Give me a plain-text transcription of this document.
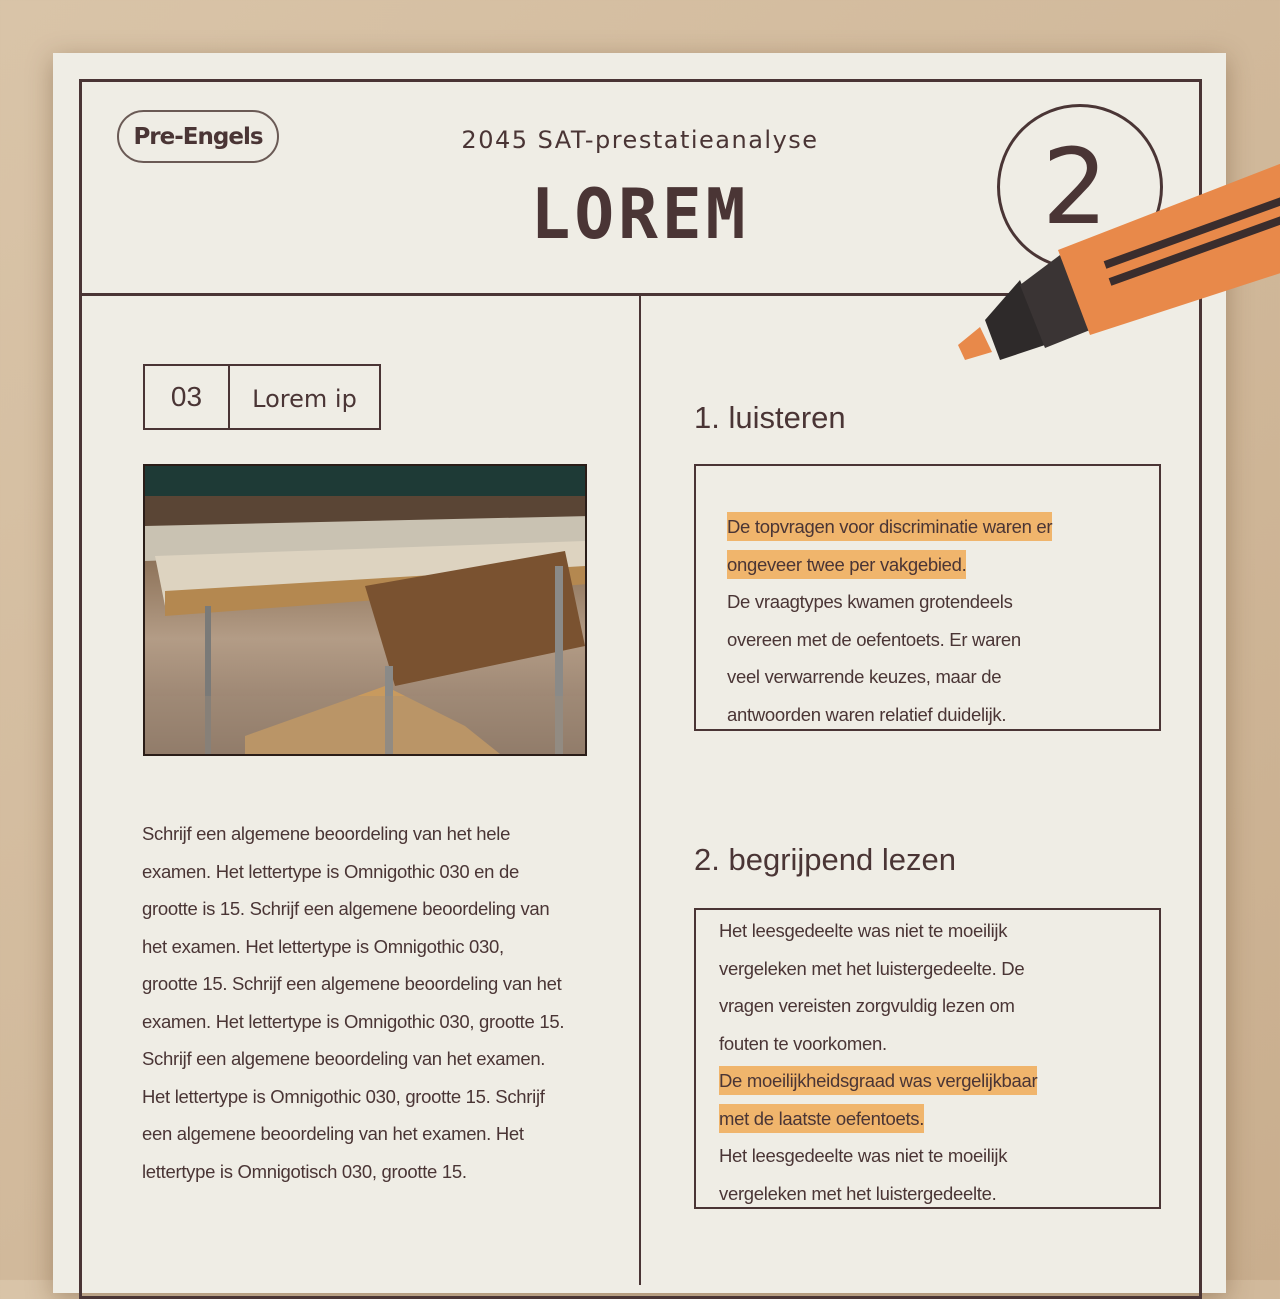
Pre-Engels	2045 SAT-prestatieanalyse
LOREM	2
03	Lorem ip
Schrijf een algemene beoordeling van het hele
examen. Het lettertype is Omnigothic 030 en de
grootte is 15. Schrijf een algemene beoordeling van
het examen. Het lettertype is Omnigothic 030,
grootte 15. Schrijf een algemene beoordeling van het
examen. Het lettertype is Omnigothic 030, grootte 15.
Schrijf een algemene beoordeling van het examen.
Het lettertype is Omnigothic 030, grootte 15. Schrijf
een algemene beoordeling van het examen. Het
lettertype is Omnigotisch 030, grootte 15.
1. luisteren
De topvragen voor discriminatie waren er
ongeveer twee per vakgebied.
De vraagtypes kwamen grotendeels
overeen met de oefentoets. Er waren
veel verwarrende keuzes, maar de
antwoorden waren relatief duidelijk.
2. begrijpend lezen
Het leesgedeelte was niet te moeilijk
vergeleken met het luistergedeelte. De
vragen vereisten zorgvuldig lezen om
fouten te voorkomen.
De moeilijkheidsgraad was vergelijkbaar
met de laatste oefentoets.
Het leesgedeelte was niet te moeilijk
vergeleken met het luistergedeelte.
